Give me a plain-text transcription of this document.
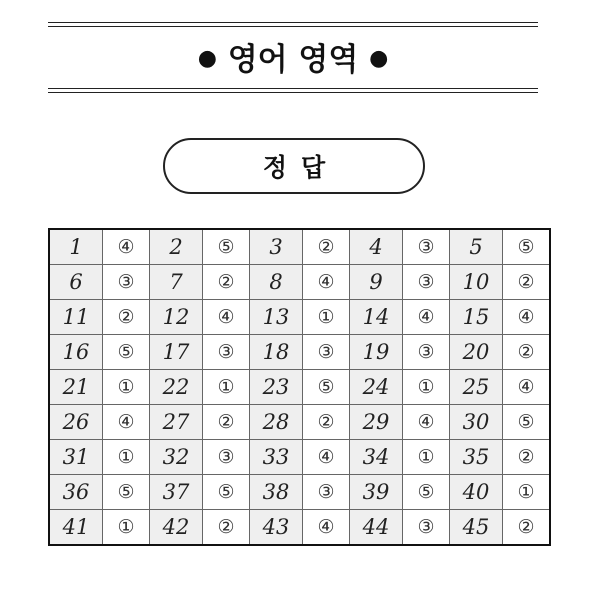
● 영어 영역 ●
정답
1	④	2	⑤	3	②	4	③	5	⑤
6	③	7	②	8	④	9	③	10	②
11	②	12	④	13	①	14	④	15	④
16	⑤	17	③	18	③	19	③	20	②
21	①	22	①	23	⑤	24	①	25	④
26	④	27	②	28	②	29	④	30	⑤
31	①	32	③	33	④	34	①	35	②
36	⑤	37	⑤	38	③	39	⑤	40	①
41	①	42	②	43	④	44	③	45	②
